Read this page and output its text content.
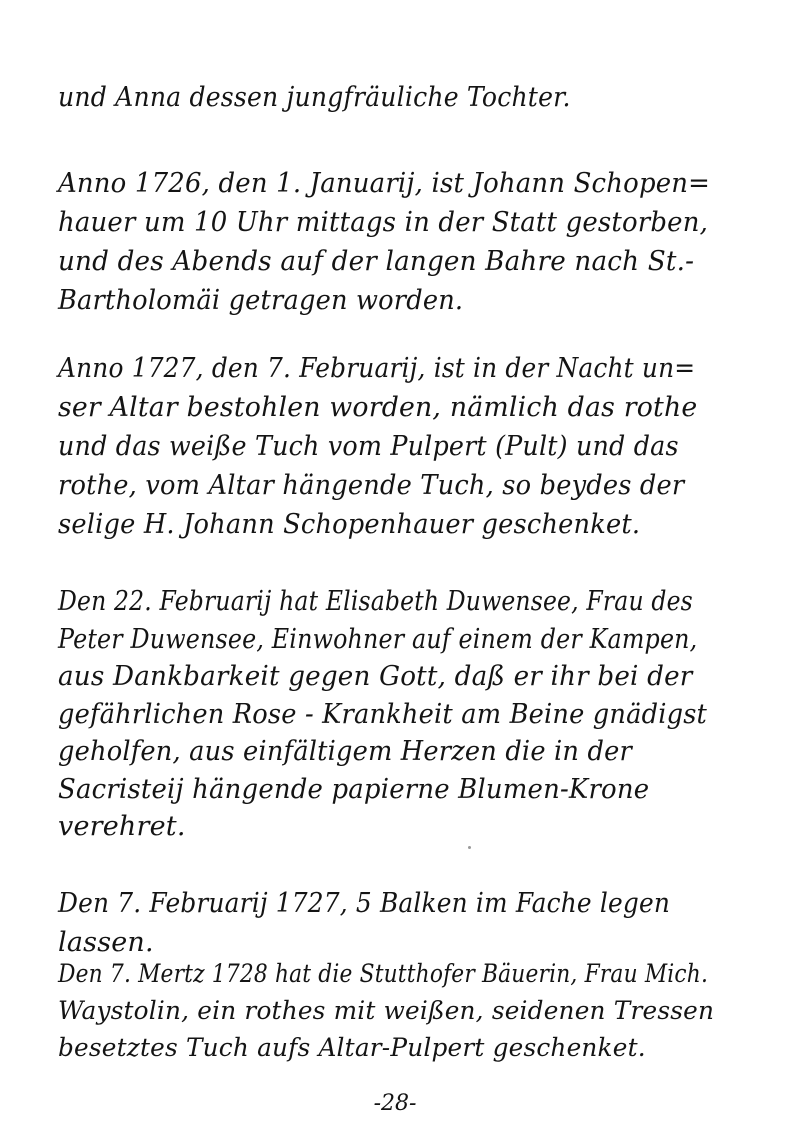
und Anna dessen jungfräuliche Tochter.
Anno 1726, den 1. Januarij, ist Johann Schopen=
hauer um 10 Uhr mittags in der Statt gestorben,
und des Abends auf der langen Bahre nach St.-
Bartholomäi getragen worden.
Anno 1727, den 7. Februarij, ist in der Nacht un=
ser Altar bestohlen worden, nämlich das rothe
und das weiße Tuch vom Pulpert (Pult) und das
rothe, vom Altar hängende Tuch, so beydes der
selige H. Johann Schopenhauer geschenket.
Den 22. Februarij hat Elisabeth Duwensee, Frau des
Peter Duwensee, Einwohner auf einem der Kampen,
aus Dankbarkeit gegen Gott, daß er ihr bei der
gefährlichen Rose - Krankheit am Beine gnädigst
geholfen, aus einfältigem Herzen die in der
Sacristeij hängende papierne Blumen-Krone
verehret.
Den 7. Februarij 1727, 5 Balken im Fache legen
lassen.
Den 7. Mertz 1728 hat die Stutthofer Bäuerin, Frau Mich.
Waystolin, ein rothes mit weißen, seidenen Tressen
besetztes Tuch aufs Altar-Pulpert geschenket.
-28-
